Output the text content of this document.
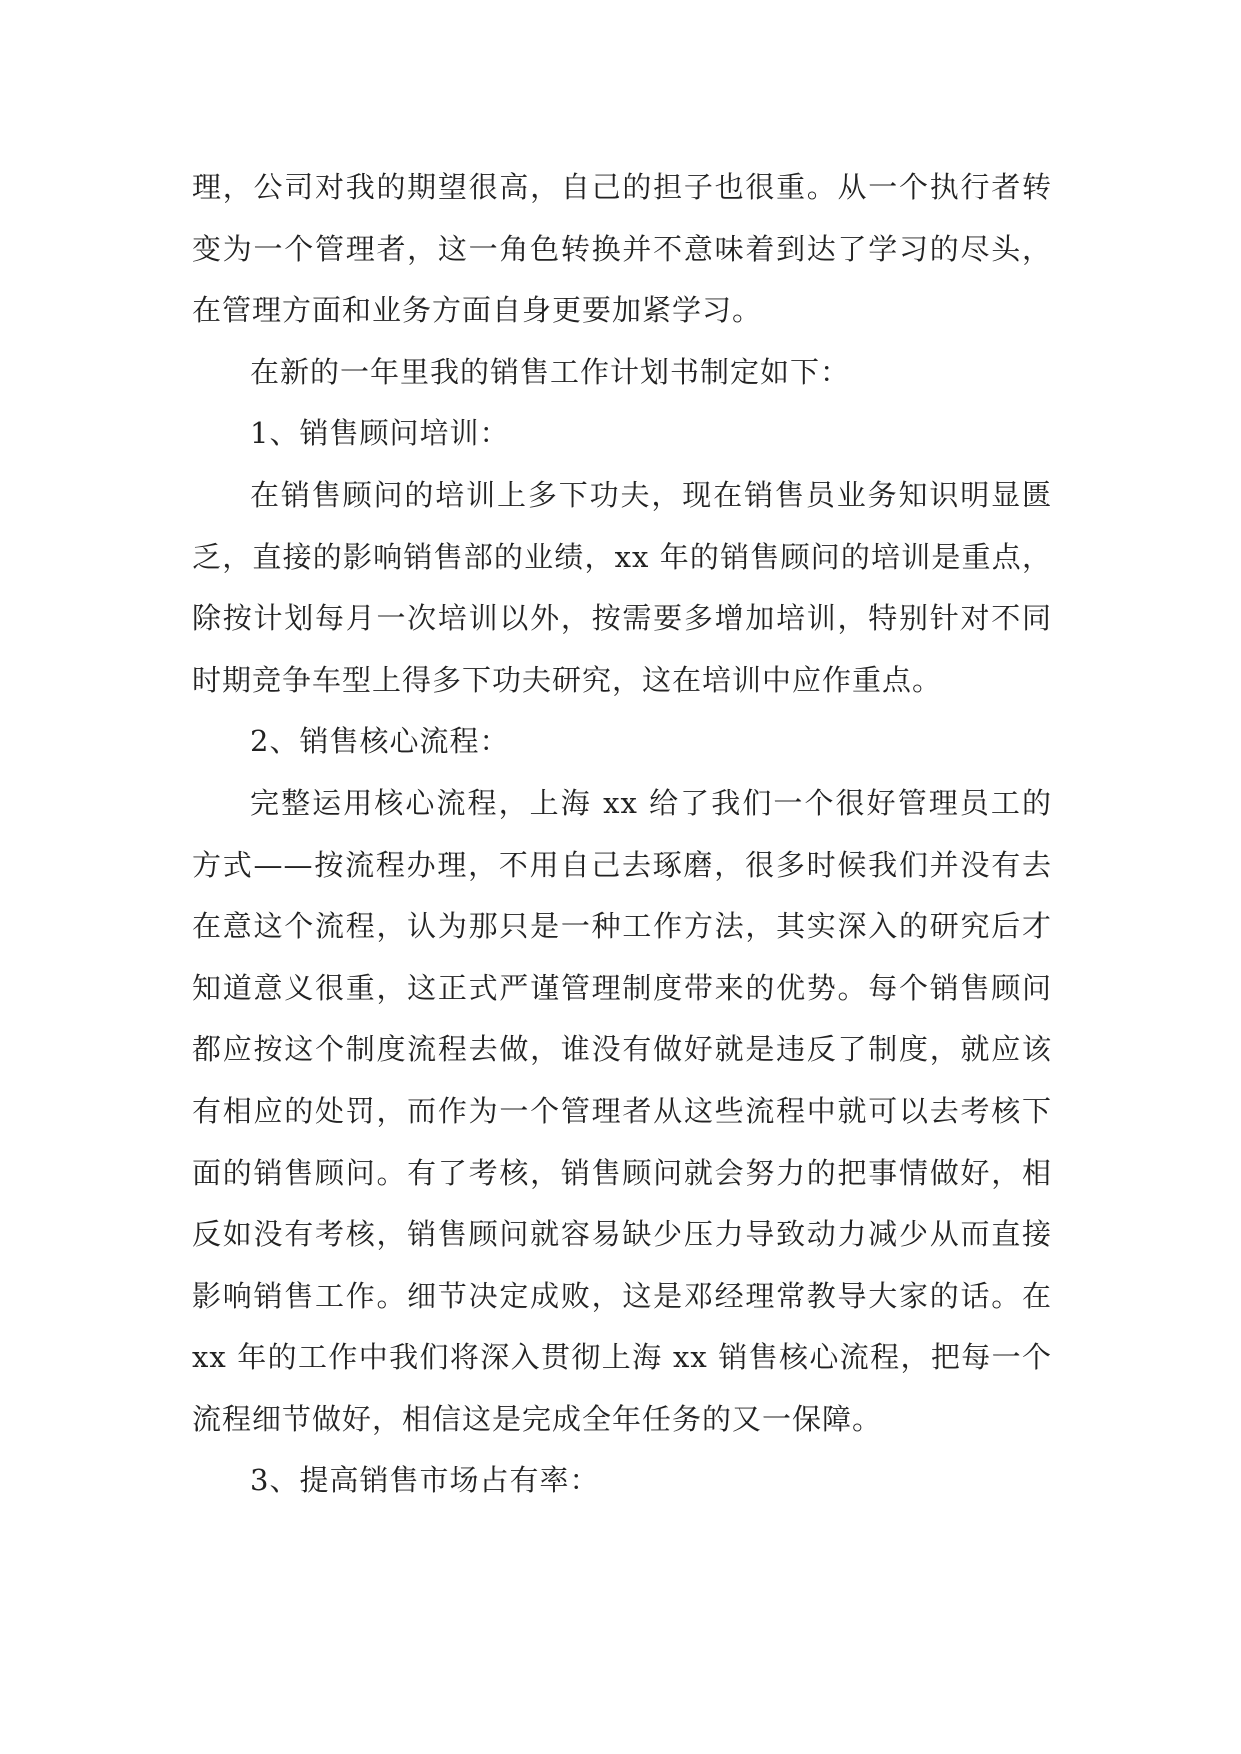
理，公司对我的期望很高，自己的担子也很重。从一个执行者转变为一个管理者，这一角色转换并不意味着到达了学习的尽头，在管理方面和业务方面自身更要加紧学习。

在新的一年里我的销售工作计划书制定如下：

1、销售顾问培训：

在销售顾问的培训上多下功夫，现在销售员业务知识明显匮乏，直接的影响销售部的业绩，xx 年的销售顾问的培训是重点，除按计划每月一次培训以外，按需要多增加培训，特别针对不同时期竞争车型上得多下功夫研究，这在培训中应作重点。

2、销售核心流程：

完整运用核心流程，上海 xx 给了我们一个很好管理员工的方式——按流程办理，不用自己去琢磨，很多时候我们并没有去在意这个流程，认为那只是一种工作方法，其实深入的研究后才知道意义很重，这正式严谨管理制度带来的优势。每个销售顾问都应按这个制度流程去做，谁没有做好就是违反了制度，就应该有相应的处罚，而作为一个管理者从这些流程中就可以去考核下面的销售顾问。有了考核，销售顾问就会努力的把事情做好，相反如没有考核，销售顾问就容易缺少压力导致动力减少从而直接影响销售工作。细节决定成败，这是邓经理常教导大家的话。在 xx 年的工作中我们将深入贯彻上海 xx 销售核心流程，把每一个流程细节做好，相信这是完成全年任务的又一保障。

3、提高销售市场占有率：
